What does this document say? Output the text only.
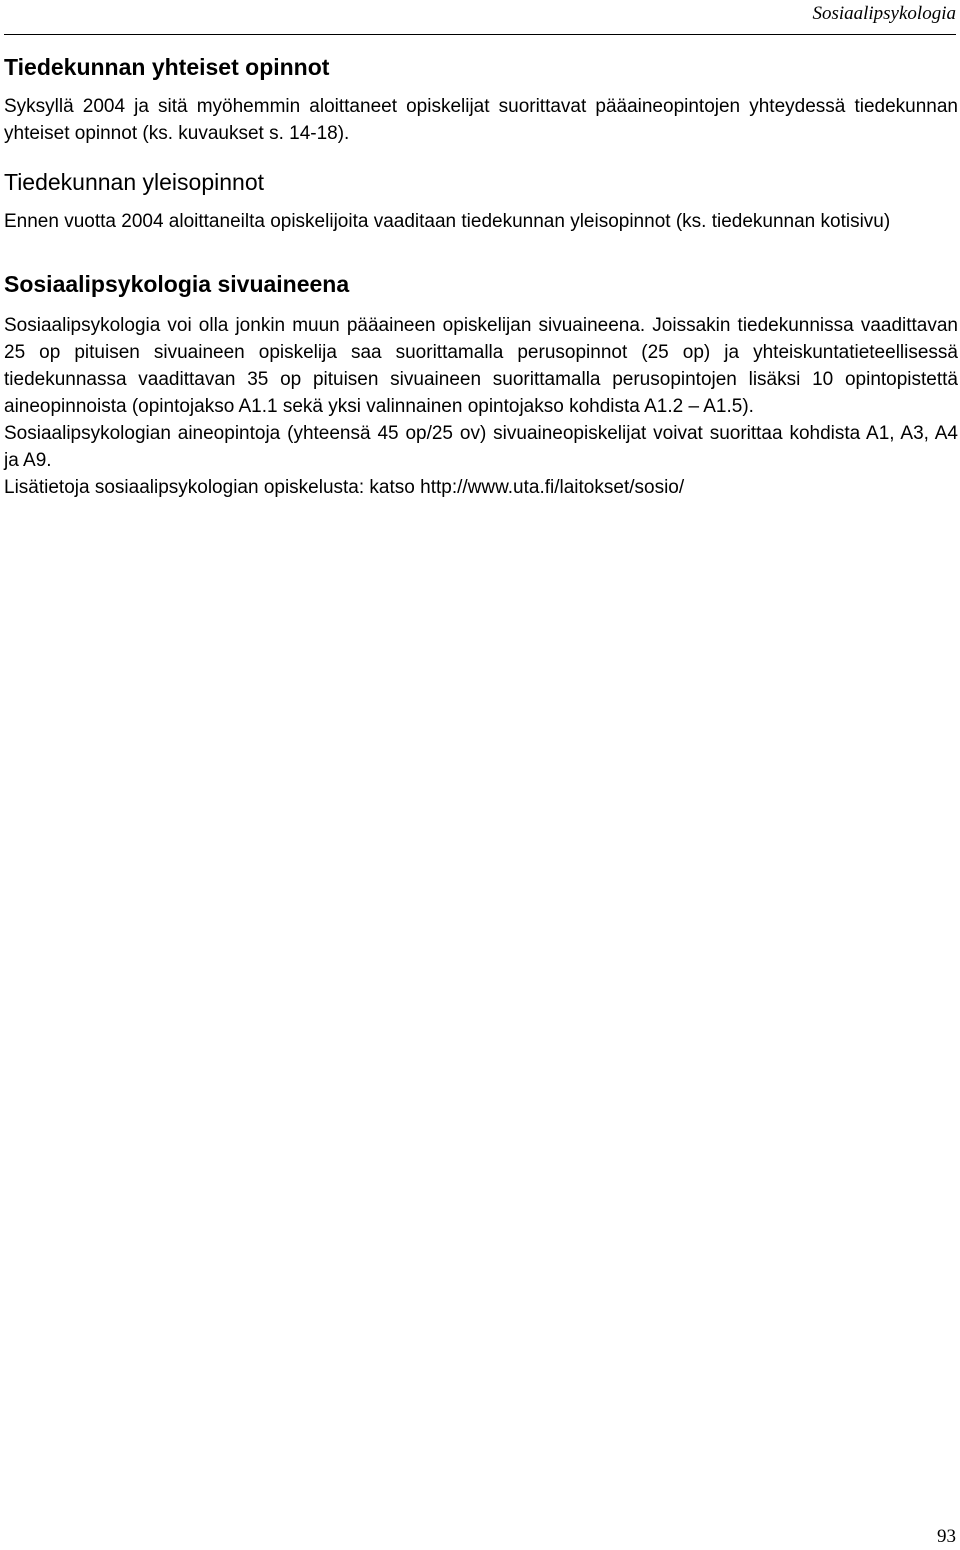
Sosiaalipsykologia
Tiedekunnan yhteiset opinnot

Syksyllä 2004 ja sitä myöhemmin aloittaneet opiskelijat suorittavat pääaineopintojen yhteydessä tiedekunnan yhteiset opinnot (ks. kuvaukset s. 14-18).

Tiedekunnan yleisopinnot

Ennen vuotta 2004 aloittaneilta opiskelijoita vaaditaan tiedekunnan yleisopinnot (ks. tiedekunnan kotisivu)

Sosiaalipsykologia sivuaineena

Sosiaalipsykologia voi olla jonkin muun pääaineen opiskelijan sivuaineena. Joissakin tiedekunnissa vaadittavan 25 op pituisen sivuaineen opiskelija saa suorittamalla perusopinnot (25 op) ja yhteiskuntatieteellisessä tiedekunnassa vaadittavan 35 op pituisen sivuaineen suorittamalla perusopintojen lisäksi 10 opintopistettä aineopinnoista (opintojakso A1.1 sekä yksi valinnainen opintojakso kohdista A1.2 – A1.5).

Sosiaalipsykologian aineopintoja (yhteensä 45 op/25 ov) sivuaineopiskelijat voivat suorittaa kohdista A1, A3, A4 ja A9.

Lisätietoja sosiaalipsykologian opiskelusta: katso http://www.uta.fi/laitokset/sosio/

93
